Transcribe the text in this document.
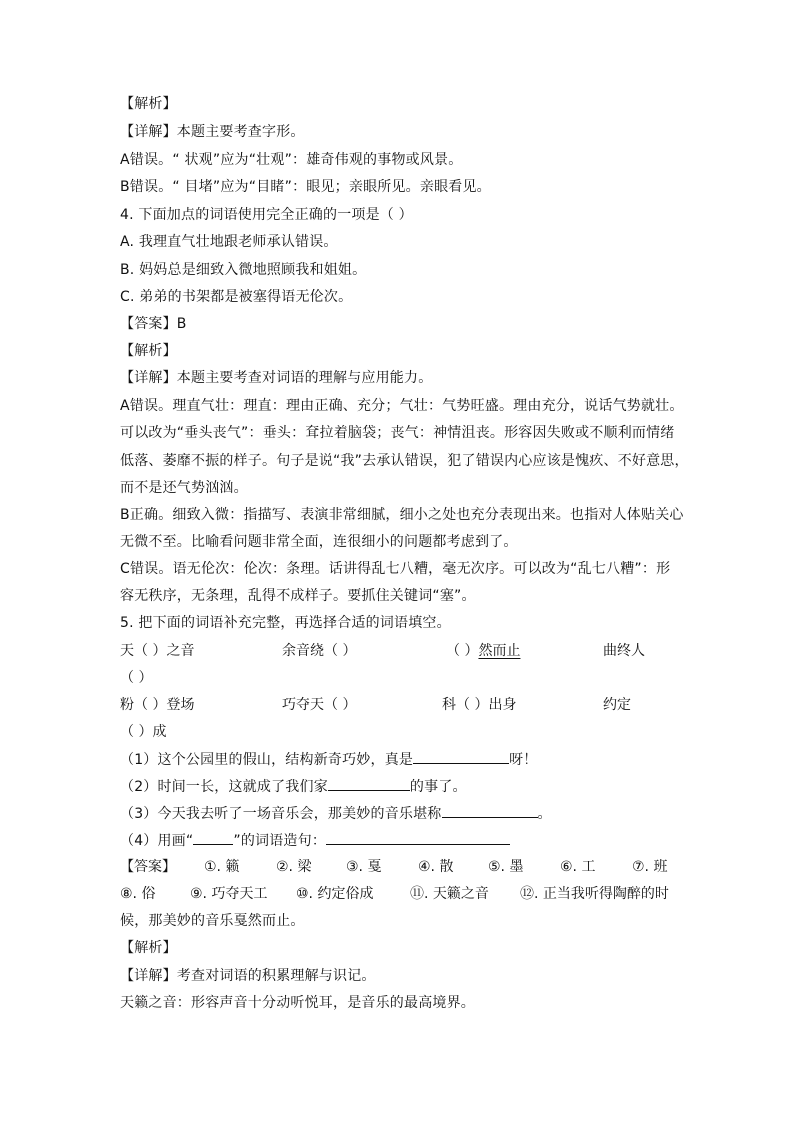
【解析】
【详解】本题主要考查字形。
A错误。“ 状观”应为“壮观”：雄奇伟观的事物或风景。
B错误。“ 目堵”应为“目睹”：眼见；亲眼所见。亲眼看见。
4. 下面加点的词语使用完全正确的一项是（ ）
A. 我理直气壮地跟老师承认错误。
B. 妈妈总是细致入微地照顾我和姐姐。
C. 弟弟的书架都是被塞得语无伦次。
【答案】B
【解析】
【详解】本题主要考查对词语的理解与应用能力。
A错误。理直气壮：理直：理由正确、充分；气壮：气势旺盛。理由充分，说话气势就壮。
可以改为“垂头丧气”：垂头：耷拉着脑袋；丧气：神情沮丧。形容因失败或不顺利而情绪
低落、萎靡不振的样子。句子是说“我”去承认错误，犯了错误内心应该是愧疚、不好意思，
而不是还气势汹汹。
B正确。细致入微：指描写、表演非常细腻，细小之处也充分表现出来。也指对人体贴关心
无微不至。比喻看问题非常全面，连很细小的问题都考虑到了。
C错误。语无伦次：伦次：条理。话讲得乱七八糟，毫无次序。可以改为“乱七八糟”：形
容无秩序，无条理，乱得不成样子。要抓住关键词“塞”。
5. 把下面的词语补充完整，再选择合适的词语填空。
天（ ）之音	余音绕（ ）	（ ）然而止	曲终人
（ ）
粉（ ）登场	巧夺天（ ）	科（ ）出身	约定
（ ）成
（1）这个公园里的假山，结构新奇巧妙，真是	呀！
（2）时间一长，这就成了我们家	的事了。
（3）今天我去听了一场音乐会，那美妙的音乐堪称	。
（4）用画“	”的词语造句：
【答案】 ①. 籁	②. 梁 ③. 戛	④. 散 ⑤. 墨	⑥. 工	⑦. 班
⑧. 俗 ⑨. 巧夺天工 ⑩. 约定俗成	⑪. 天籁之音 ⑫. 正当我听得陶醉的时
候，那美妙的音乐戛然而止。
【解析】
【详解】考查对词语的积累理解与识记。
天籁之音：形容声音十分动听悦耳，是音乐的最高境界。
